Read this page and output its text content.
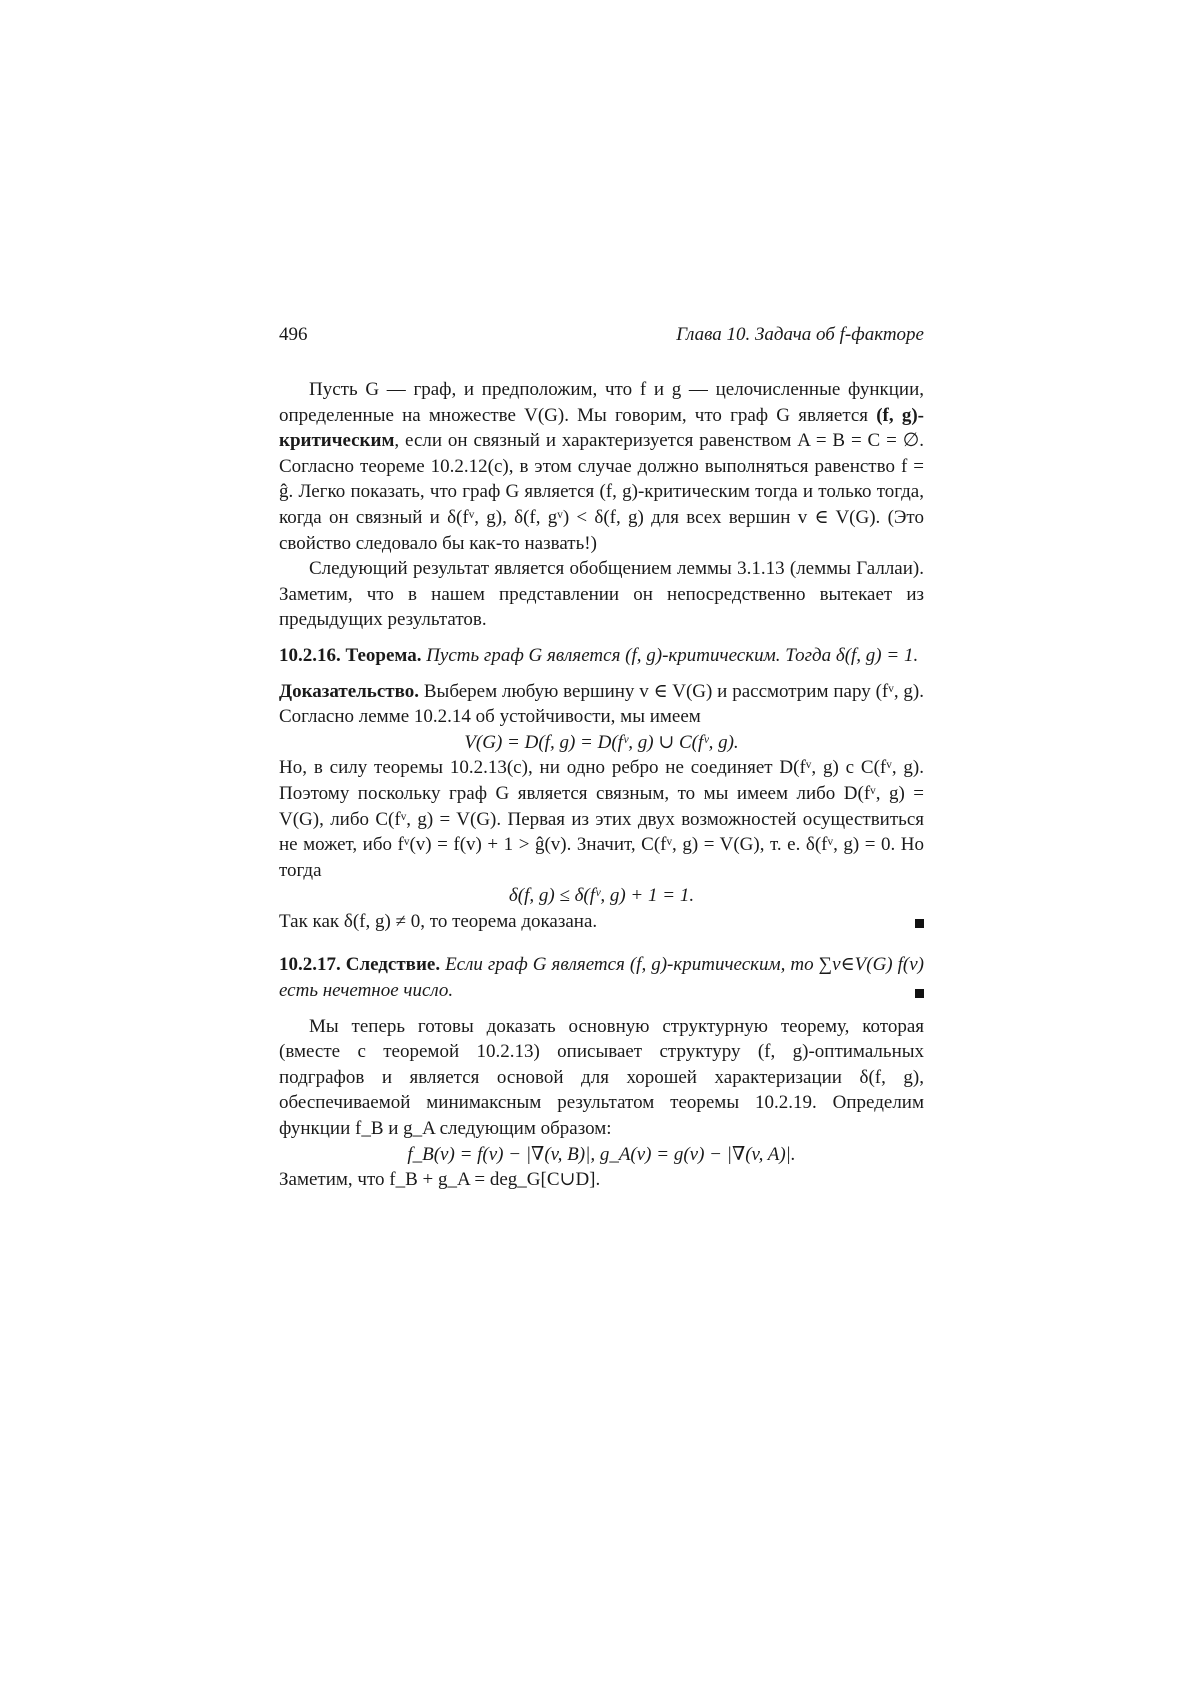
496	Глава 10. Задача об f-факторе

Пусть G — граф, и предположим, что f и g — целочисленные функции, определенные на множестве V(G). Мы говорим, что граф G является (f, g)-критическим, если он связный и характеризуется равенством A = B = C = ∅. Согласно теореме 10.2.12(c), в этом случае должно выполняться равенство f = ĝ. Легко показать, что граф G является (f, g)-критическим тогда и только тогда, когда он связный и δ(fᵛ, g), δ(f, gᵛ) < δ(f, g) для всех вершин v ∈ V(G). (Это свойство следовало бы как-то назвать!)

Следующий результат является обобщением леммы 3.1.13 (леммы Галлаи). Заметим, что в нашем представлении он непосредственно вытекает из предыдущих результатов.

10.2.16. Теорема. Пусть граф G является (f, g)-критическим. Тогда δ(f, g) = 1.

Доказательство. Выберем любую вершину v ∈ V(G) и рассмотрим пару (fᵛ, g). Согласно лемме 10.2.14 об устойчивости, мы имеем

V(G) = D(f, g) = D(fᵛ, g) ∪ C(fᵛ, g).

Но, в силу теоремы 10.2.13(c), ни одно ребро не соединяет D(fᵛ, g) с C(fᵛ, g). Поэтому поскольку граф G является связным, то мы имеем либо D(fᵛ, g) = V(G), либо C(fᵛ, g) = V(G). Первая из этих двух возможностей осуществиться не может, ибо fᵛ(v) = f(v) + 1 > ĝ(v). Значит, C(fᵛ, g) = V(G), т. е. δ(fᵛ, g) = 0. Но тогда

δ(f, g) ≤ δ(fᵛ, g) + 1 = 1.

Так как δ(f, g) ≠ 0, то теорема доказана.

10.2.17. Следствие. Если граф G является (f, g)-критическим, то ∑v∈V(G) f(v) есть нечетное число.

Мы теперь готовы доказать основную структурную теорему, которая (вместе с теоремой 10.2.13) описывает структуру (f, g)-оптимальных подграфов и является основой для хорошей характеризации δ(f, g), обеспечиваемой минимаксным результатом теоремы 10.2.19. Определим функции f_B и g_A следующим образом:

f_B(v) = f(v) − |∇(v, B)|, g_A(v) = g(v) − |∇(v, A)|.

Заметим, что f_B + g_A = deg_G[C∪D].
